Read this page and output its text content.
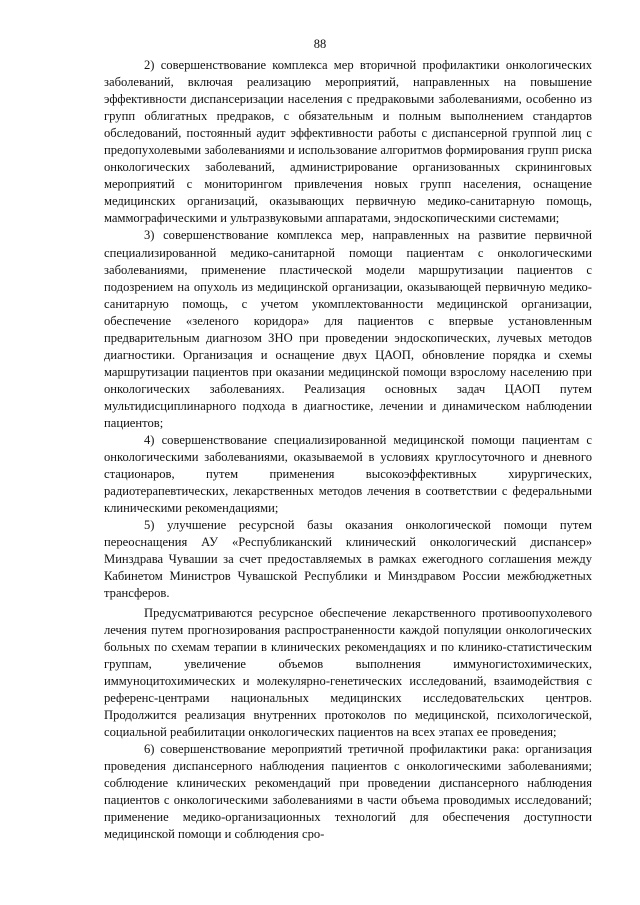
88

2) совершенствование комплекса мер вторичной профилактики онкологических заболеваний, включая реализацию мероприятий, направленных на повышение эффективности диспансеризации населения с предраковыми заболеваниями, особенно из групп облигатных предраков, с обязательным и полным выполнением стандартов обследований, постоянный аудит эффективности работы с диспансерной группой лиц с предопухолевыми заболеваниями и использование алгоритмов формирования групп риска онкологических заболеваний, администрирование организованных скрининговых мероприятий с мониторингом привлечения новых групп населения, оснащение медицинских организаций, оказывающих первичную медико-санитарную помощь, маммографическими и ультразвуковыми аппаратами, эндоскопическими системами;

3) совершенствование комплекса мер, направленных на развитие первичной специализированной медико-санитарной помощи пациентам с онкологическими заболеваниями, применение пластической модели маршрутизации пациентов с подозрением на опухоль из медицинской организации, оказывающей первичную медико-санитарную помощь, с учетом укомплектованности медицинской организации, обеспечение «зеленого коридора» для пациентов с впервые установленным предварительным диагнозом ЗНО при проведении эндоскопических, лучевых методов диагностики. Организация и оснащение двух ЦАОП, обновление порядка и схемы маршрутизации пациентов при оказании медицинской помощи взрослому населению при онкологических заболеваниях. Реализация основных задач ЦАОП путем мультидисциплинарного подхода в диагностике, лечении и динамическом наблюдении пациентов;

4) совершенствование специализированной медицинской помощи пациентам с онкологическими заболеваниями, оказываемой в условиях круглосуточного и дневного стационаров, путем применения высокоэффективных хирургических, радиотерапевтических, лекарственных методов лечения в соответствии с федеральными клиническими рекомендациями;

5) улучшение ресурсной базы оказания онкологической помощи путем переоснащения АУ «Республиканский клинический онкологический диспансер» Минздрава Чувашии за счет предоставляемых в рамках ежегодного соглашения между Кабинетом Министров Чувашской Республики и Минздравом России межбюджетных трансферов.

Предусматриваются ресурсное обеспечение лекарственного противоопухолевого лечения путем прогнозирования распространенности каждой популяции онкологических больных по схемам терапии в клинических рекомендациях и по клинико-статистическим группам, увеличение объемов выполнения иммуногистохимических, иммуноцитохимических и молекулярно-генетических исследований, взаимодействия с референс-центрами национальных медицинских исследовательских центров. Продолжится реализация внутренних протоколов по медицинской, психологической, социальной реабилитации онкологических пациентов на всех этапах ее проведения;

6) совершенствование мероприятий третичной профилактики рака: организация проведения диспансерного наблюдения пациентов с онкологическими заболеваниями; соблюдение клинических рекомендаций при проведении диспансерного наблюдения пациентов с онкологическими заболеваниями в части объема проводимых исследований; применение медико-организационных технологий для обеспечения доступности медицинской помощи и соблюдения сро-
